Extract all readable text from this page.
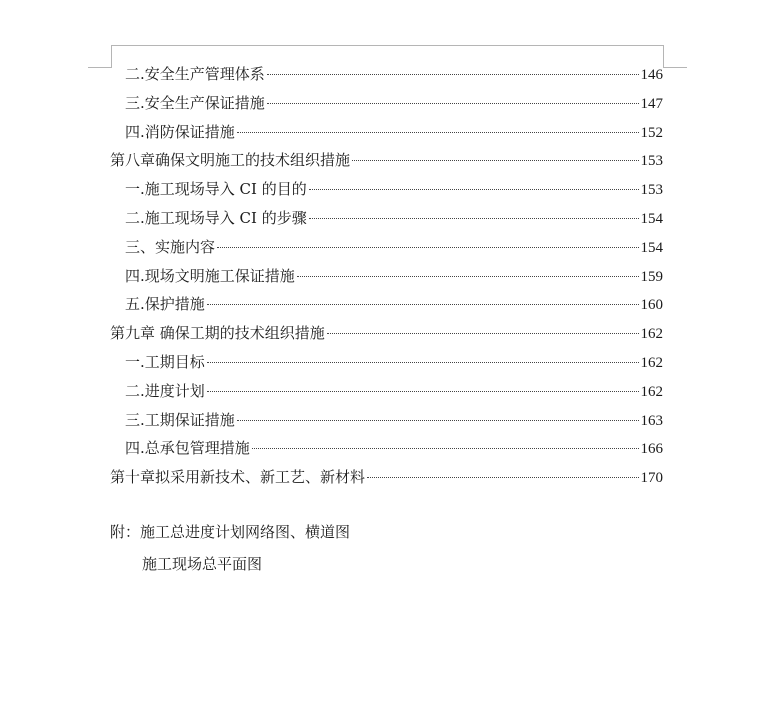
二.安全生产管理体系	146
三.安全生产保证措施	147
四.消防保证措施	152
第八章确保文明施工的技术组织措施	153
一.施工现场导入 CI 的目的	153
二.施工现场导入 CI 的步骤	154
三、实施内容	154
四.现场文明施工保证措施	159
五.保护措施	160
第九章 确保工期的技术组织措施	162
一.工期目标	162
二.进度计划	162
三.工期保证措施	163
四.总承包管理措施	166
第十章拟采用新技术、新工艺、新材料	170
附：施工总进度计划网络图、横道图
施工现场总平面图
